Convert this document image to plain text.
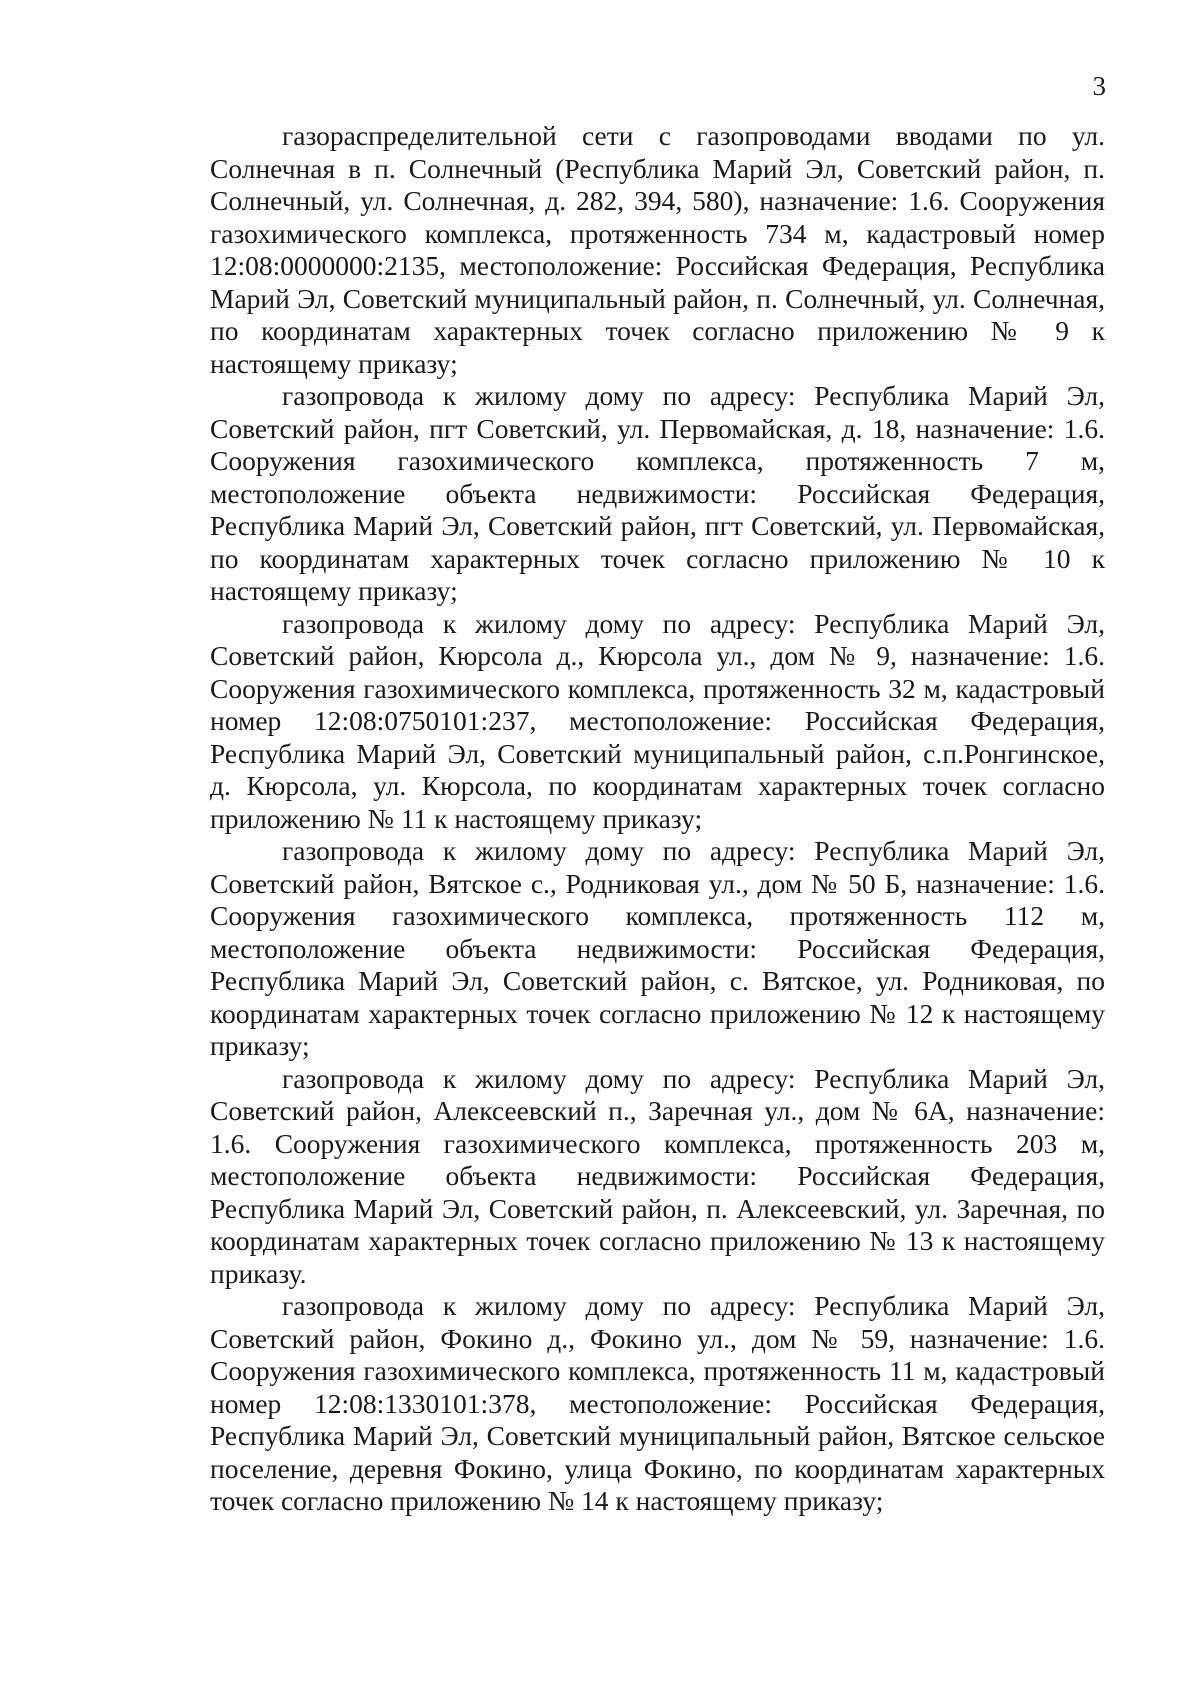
3

газораспределительной сети с газопроводами вводами по ул. Солнечная в п. Солнечный (Республика Марий Эл, Советский район, п. Солнечный, ул. Солнечная, д. 282, 394, 580), назначение: 1.6. Сооружения газохимического комплекса, протяженность 734 м, кадастровый номер 12:08:0000000:2135, местоположение: Российская Федерация, Республика Марий Эл, Советский муниципальный район, п. Солнечный, ул. Солнечная, по координатам характерных точек согласно приложению № 9 к настоящему приказу;

газопровода к жилому дому по адресу: Республика Марий Эл, Советский район, пгт Советский, ул. Первомайская, д. 18, назначение: 1.6. Сооружения газохимического комплекса, протяженность 7 м, местоположение объекта недвижимости: Российская Федерация, Республика Марий Эл, Советский район, пгт Советский, ул. Первомайская, по координатам характерных точек согласно приложению № 10 к настоящему приказу;

газопровода к жилому дому по адресу: Республика Марий Эл, Советский район, Кюрсола д., Кюрсола ул., дом № 9, назначение: 1.6. Сооружения газохимического комплекса, протяженность 32 м, кадастровый номер 12:08:0750101:237, местоположение: Российская Федерация, Республика Марий Эл, Советский муниципальный район, с.п.Ронгинское, д. Кюрсола, ул. Кюрсола, по координатам характерных точек согласно приложению № 11 к настоящему приказу;

газопровода к жилому дому по адресу: Республика Марий Эл, Советский район, Вятское с., Родниковая ул., дом № 50 Б, назначение: 1.6. Сооружения газохимического комплекса, протяженность 112 м, местоположение объекта недвижимости: Российская Федерация, Республика Марий Эл, Советский район, с. Вятское, ул. Родниковая, по координатам характерных точек согласно приложению № 12 к настоящему приказу;

газопровода к жилому дому по адресу: Республика Марий Эл, Советский район, Алексеевский п., Заречная ул., дом № 6А, назначение: 1.6. Сооружения газохимического комплекса, протяженность 203 м, местоположение объекта недвижимости: Российская Федерация, Республика Марий Эл, Советский район, п. Алексеевский, ул. Заречная, по координатам характерных точек согласно приложению № 13 к настоящему приказу.

газопровода к жилому дому по адресу: Республика Марий Эл, Советский район, Фокино д., Фокино ул., дом № 59, назначение: 1.6. Сооружения газохимического комплекса, протяженность 11 м, кадастровый номер 12:08:1330101:378, местоположение: Российская Федерация, Республика Марий Эл, Советский муниципальный район, Вятское сельское поселение, деревня Фокино, улица Фокино, по координатам характерных точек согласно приложению № 14 к настоящему приказу;
